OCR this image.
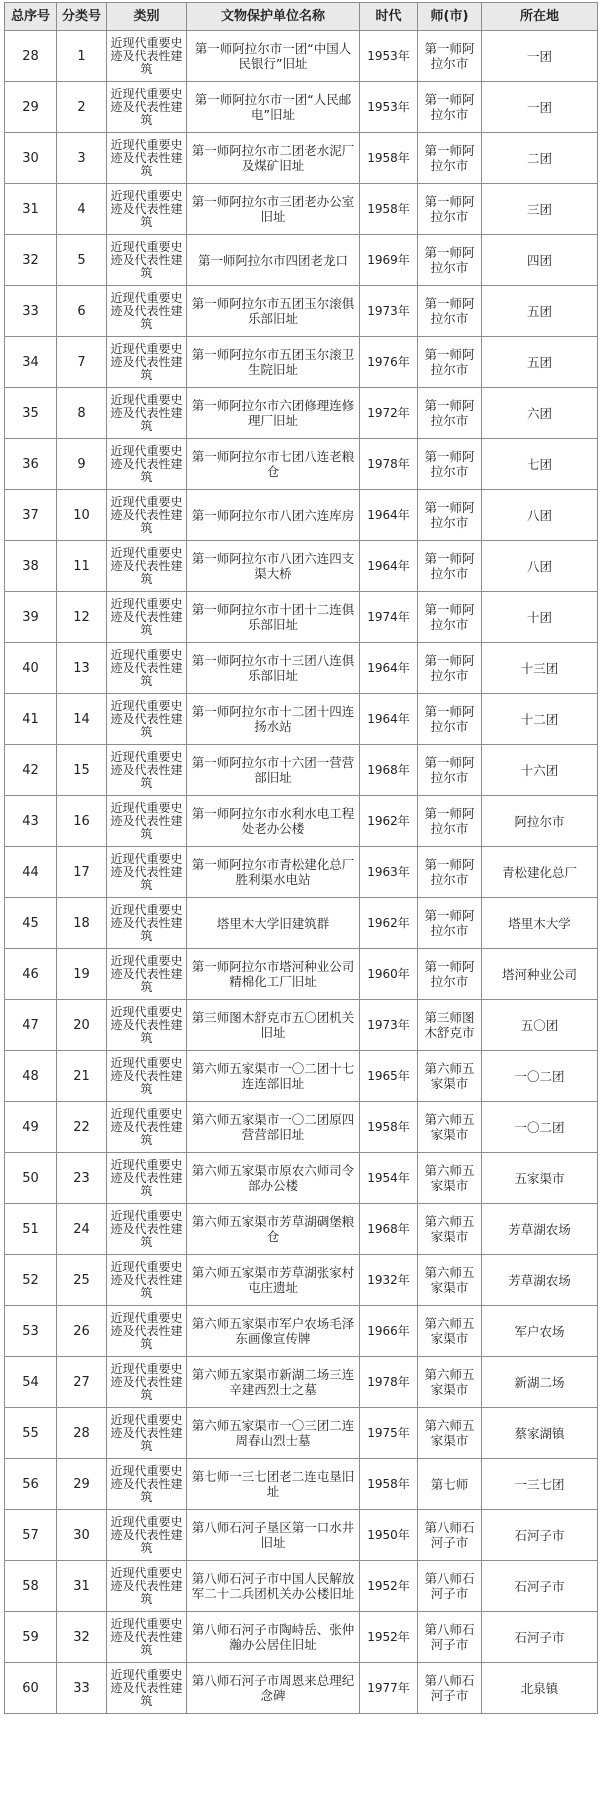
总序号	分类号	类别	文物保护单位名称	时代	师(市)	所在地
28	1	近现代重要史迹及代表性建筑	第一师阿拉尔市一团“中国人民银行”旧址	1953年	第一师阿拉尔市	一团
29	2	近现代重要史迹及代表性建筑	第一师阿拉尔市一团“人民邮电”旧址	1953年	第一师阿拉尔市	一团
30	3	近现代重要史迹及代表性建筑	第一师阿拉尔市二团老水泥厂及煤矿旧址	1958年	第一师阿拉尔市	二团
31	4	近现代重要史迹及代表性建筑	第一师阿拉尔市三团老办公室旧址	1958年	第一师阿拉尔市	三团
32	5	近现代重要史迹及代表性建筑	第一师阿拉尔市四团老龙口	1969年	第一师阿拉尔市	四团
33	6	近现代重要史迹及代表性建筑	第一师阿拉尔市五团玉尔滚俱乐部旧址	1973年	第一师阿拉尔市	五团
34	7	近现代重要史迹及代表性建筑	第一师阿拉尔市五团玉尔滚卫生院旧址	1976年	第一师阿拉尔市	五团
35	8	近现代重要史迹及代表性建筑	第一师阿拉尔市六团修理连修理厂旧址	1972年	第一师阿拉尔市	六团
36	9	近现代重要史迹及代表性建筑	第一师阿拉尔市七团八连老粮仓	1978年	第一师阿拉尔市	七团
37	10	近现代重要史迹及代表性建筑	第一师阿拉尔市八团六连库房	1964年	第一师阿拉尔市	八团
38	11	近现代重要史迹及代表性建筑	第一师阿拉尔市八团六连四支渠大桥	1964年	第一师阿拉尔市	八团
39	12	近现代重要史迹及代表性建筑	第一师阿拉尔市十团十二连俱乐部旧址	1974年	第一师阿拉尔市	十团
40	13	近现代重要史迹及代表性建筑	第一师阿拉尔市十三团八连俱乐部旧址	1964年	第一师阿拉尔市	十三团
41	14	近现代重要史迹及代表性建筑	第一师阿拉尔市十二团十四连扬水站	1964年	第一师阿拉尔市	十二团
42	15	近现代重要史迹及代表性建筑	第一师阿拉尔市十六团一营营部旧址	1968年	第一师阿拉尔市	十六团
43	16	近现代重要史迹及代表性建筑	第一师阿拉尔市水利水电工程处老办公楼	1962年	第一师阿拉尔市	阿拉尔市
44	17	近现代重要史迹及代表性建筑	第一师阿拉尔市青松建化总厂胜利渠水电站	1963年	第一师阿拉尔市	青松建化总厂
45	18	近现代重要史迹及代表性建筑	塔里木大学旧建筑群	1962年	第一师阿拉尔市	塔里木大学
46	19	近现代重要史迹及代表性建筑	第一师阿拉尔市塔河种业公司精棉化工厂旧址	1960年	第一师阿拉尔市	塔河种业公司
47	20	近现代重要史迹及代表性建筑	第三师图木舒克市五〇团机关旧址	1973年	第三师图木舒克市	五〇团
48	21	近现代重要史迹及代表性建筑	第六师五家渠市一〇二团十七连连部旧址	1965年	第六师五家渠市	一〇二团
49	22	近现代重要史迹及代表性建筑	第六师五家渠市一〇二团原四营营部旧址	1958年	第六师五家渠市	一〇二团
50	23	近现代重要史迹及代表性建筑	第六师五家渠市原农六师司令部办公楼	1954年	第六师五家渠市	五家渠市
51	24	近现代重要史迹及代表性建筑	第六师五家渠市芳草湖碉堡粮仓	1968年	第六师五家渠市	芳草湖农场
52	25	近现代重要史迹及代表性建筑	第六师五家渠市芳草湖张家村屯庄遗址	1932年	第六师五家渠市	芳草湖农场
53	26	近现代重要史迹及代表性建筑	第六师五家渠市军户农场毛泽东画像宣传牌	1966年	第六师五家渠市	军户农场
54	27	近现代重要史迹及代表性建筑	第六师五家渠市新湖二场三连辛建西烈士之墓	1978年	第六师五家渠市	新湖二场
55	28	近现代重要史迹及代表性建筑	第六师五家渠市一〇三团二连周春山烈士墓	1975年	第六师五家渠市	蔡家湖镇
56	29	近现代重要史迹及代表性建筑	第七师一三七团老二连屯垦旧址	1958年	第七师	一三七团
57	30	近现代重要史迹及代表性建筑	第八师石河子垦区第一口水井旧址	1950年	第八师石河子市	石河子市
58	31	近现代重要史迹及代表性建筑	第八师石河子市中国人民解放军二十二兵团机关办公楼旧址	1952年	第八师石河子市	石河子市
59	32	近现代重要史迹及代表性建筑	第八师石河子市陶峙岳、张仲瀚办公居住旧址	1952年	第八师石河子市	石河子市
60	33	近现代重要史迹及代表性建筑	第八师石河子市周恩来总理纪念碑	1977年	第八师石河子市	北泉镇
